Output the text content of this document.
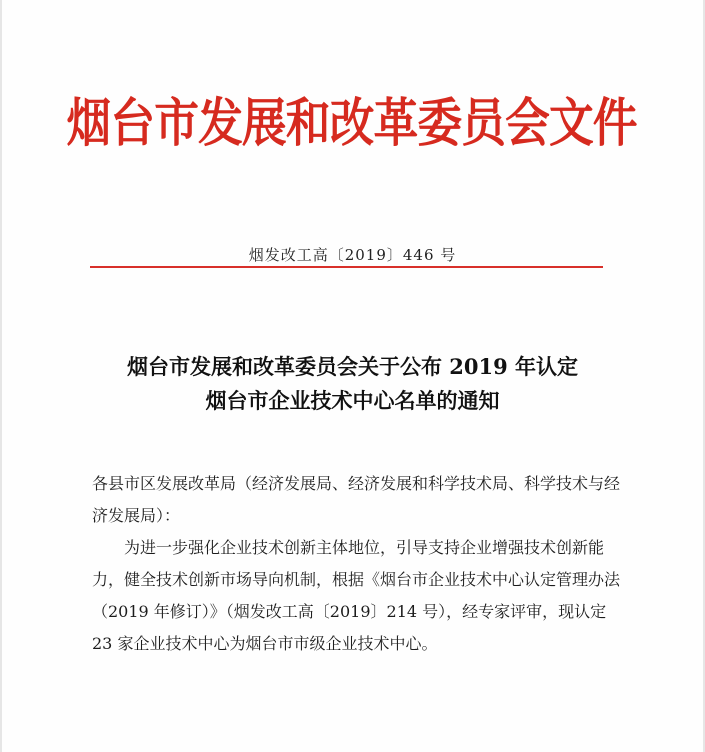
烟台市发展和改革委员会文件
烟发改工高〔2019〕446 号
烟台市发展和改革委员会关于公布 2019 年认定
烟台市企业技术中心名单的通知

各县市区发展改革局（经济发展局、经济发展和科学技术局、科学技术与经济发展局）：

为进一步强化企业技术创新主体地位，引导支持企业增强技术创新能力，健全技术创新市场导向机制，根据《烟台市企业技术中心认定管理办法（2019 年修订）》（烟发改工高〔2019〕214 号），经专家评审，现认定 23 家企业技术中心为烟台市市级企业技术中心。
